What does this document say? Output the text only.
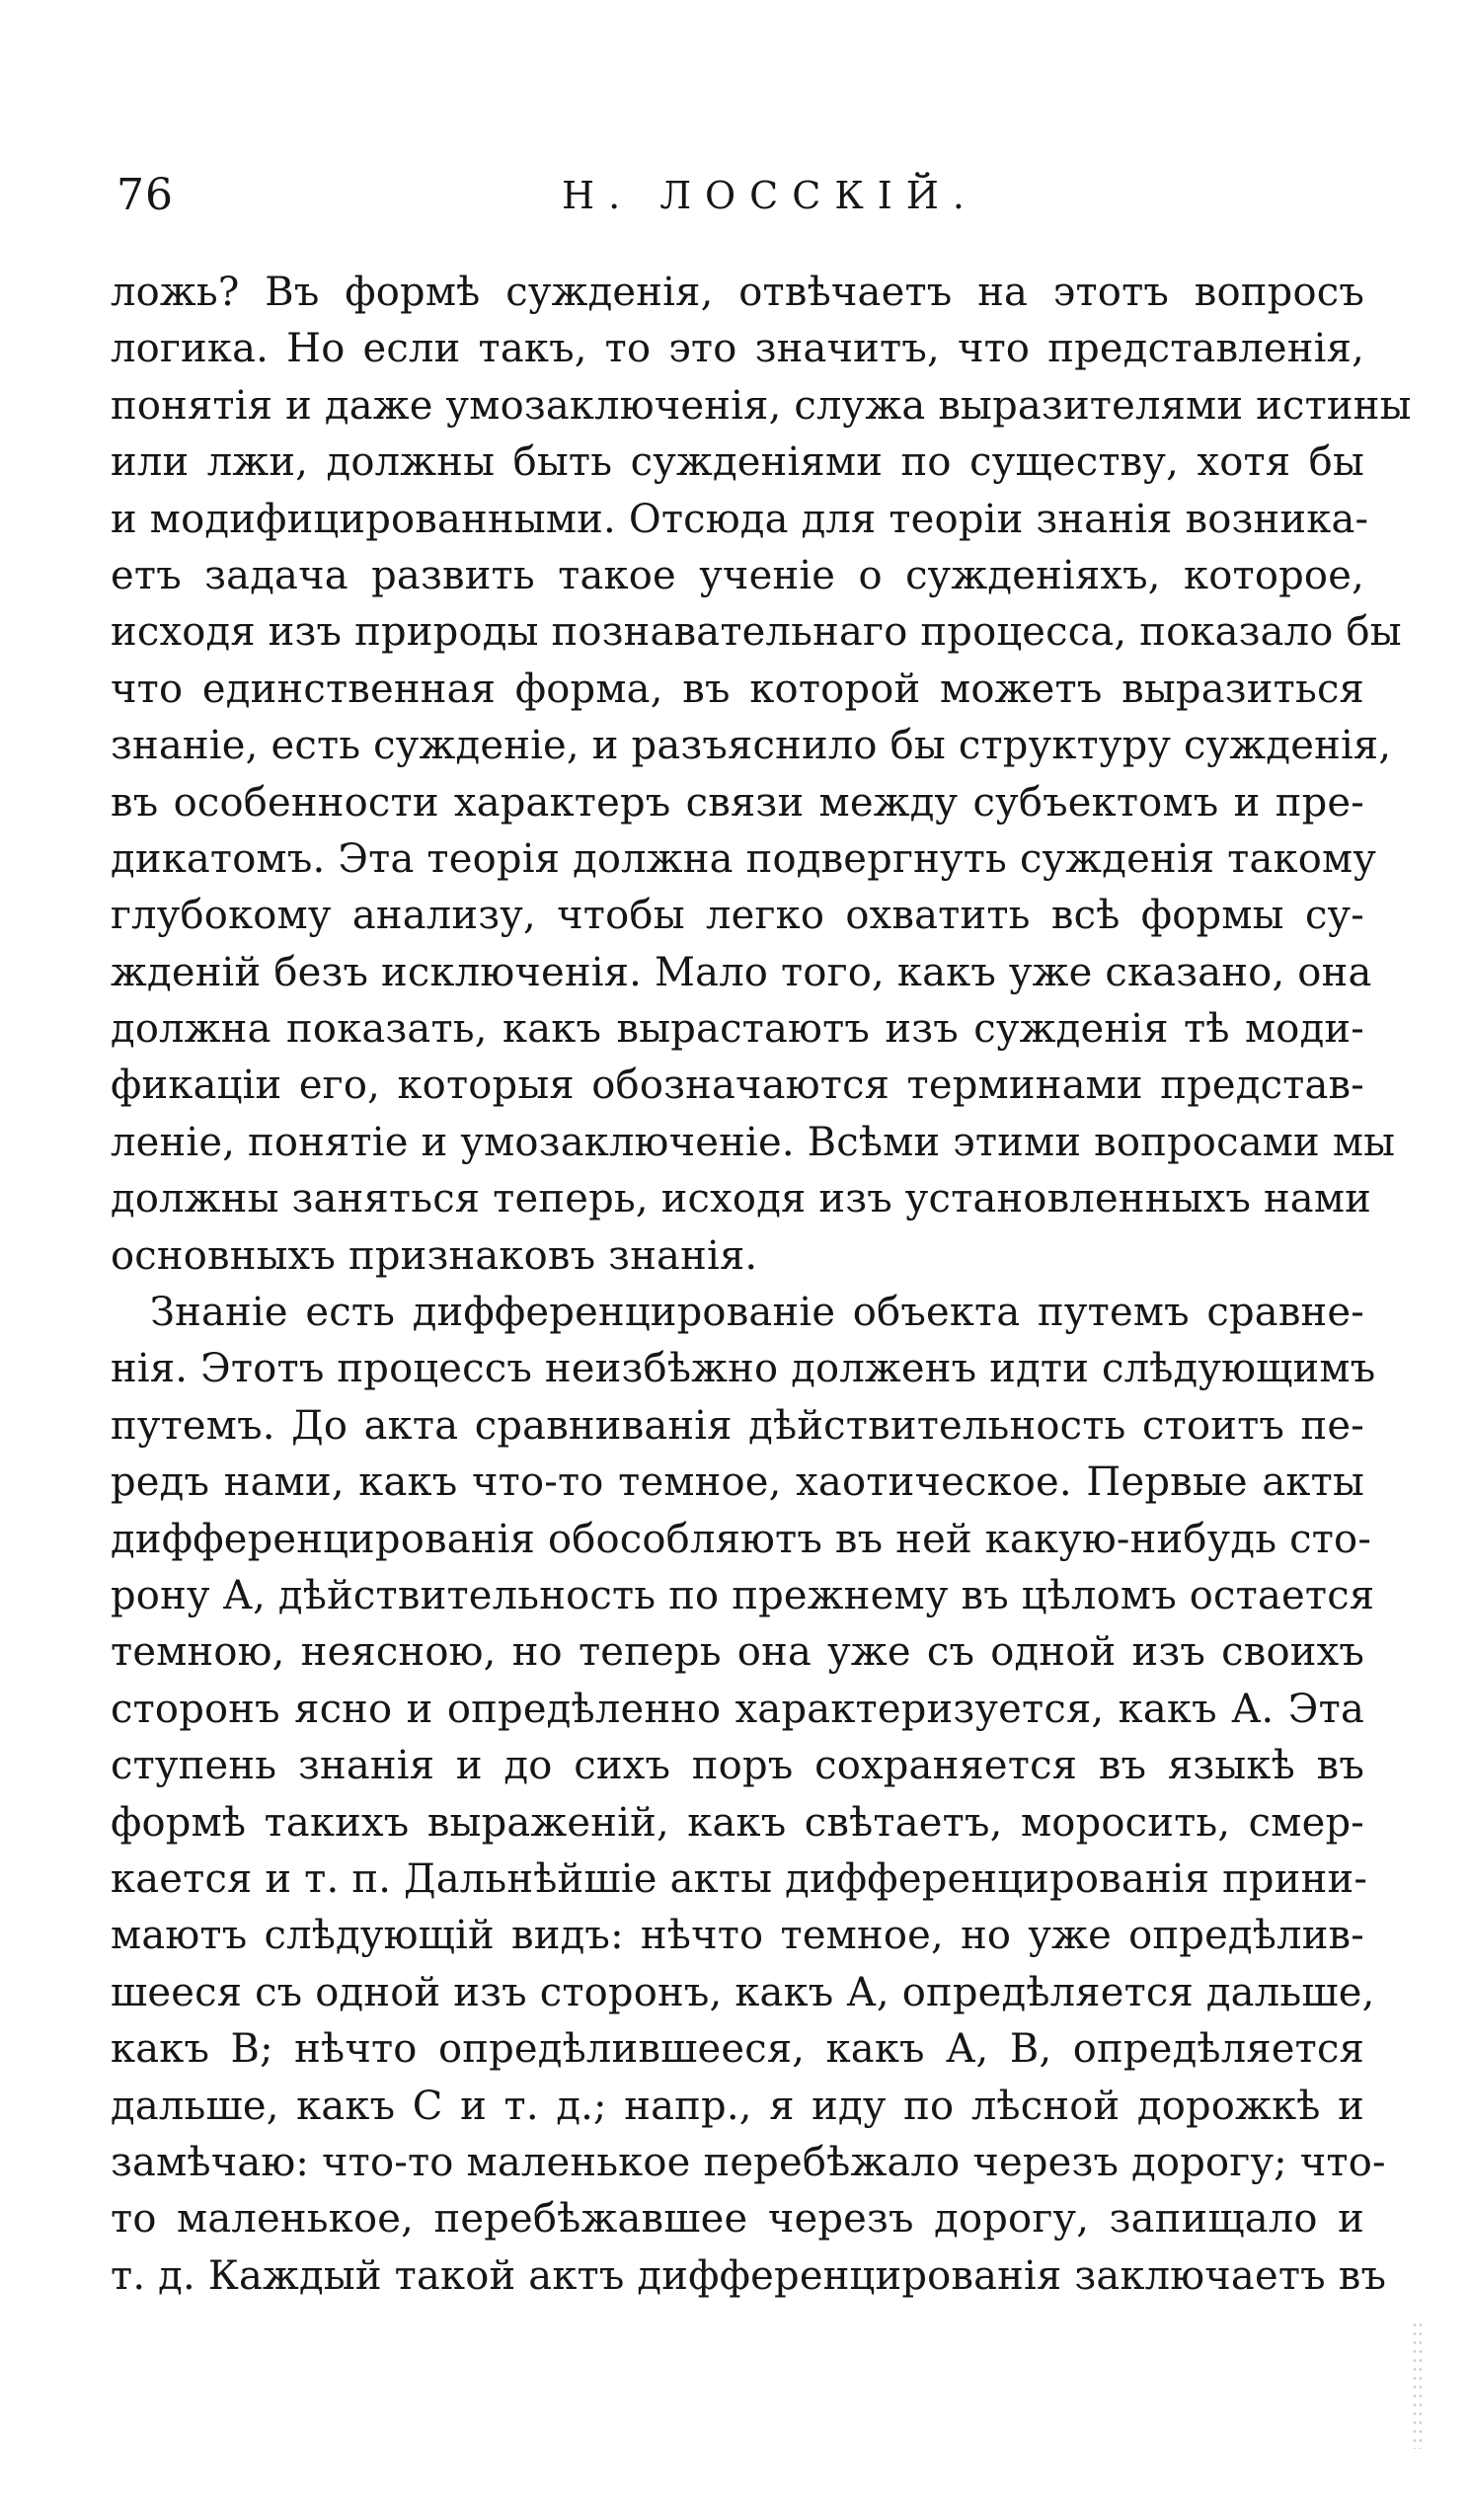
76	Н. ЛОССКІЙ.
ложь? Въ формѣ сужденія, отвѣчаетъ на этотъ вопросъ
логика. Но если такъ, то это значитъ, что представленія,
понятія и даже умозаключенія, служа выразителями истины
или лжи, должны быть сужденіями по существу, хотя бы
и модифицированными. Отсюда для теоріи знанія возника-
етъ задача развить такое ученіе о сужденіяхъ, которое,
исходя изъ природы познавательнаго процесса, показало бы
что единственная форма, въ которой можетъ выразиться
знаніе, есть сужденіе, и разъяснило бы структуру сужденія,
въ особенности характеръ связи между субъектомъ и пре-
дикатомъ. Эта теорія должна подвергнуть сужденія такому
глубокому анализу, чтобы легко охватить всѣ формы су-
жденій безъ исключенія. Мало того, какъ уже сказано, она
должна показать, какъ вырастаютъ изъ сужденія тѣ моди-
фикаціи его, которыя обозначаются терминами представ-
леніе, понятіе и умозаключеніе. Всѣми этими вопросами мы
должны заняться теперь, исходя изъ установленныхъ нами
основныхъ признаковъ знанія.
Знаніе есть дифференцированіе объекта путемъ сравне-
нія. Этотъ процессъ неизбѣжно долженъ идти слѣдующимъ
путемъ. До акта сравниванія дѣйствительность стоитъ пе-
редъ нами, какъ что-то темное, хаотическое. Первые акты
дифференцированія обособляютъ въ ней какую-нибудь сто-
рону А, дѣйствительность по прежнему въ цѣломъ остается
темною, неясною, но теперь она уже съ одной изъ своихъ
сторонъ ясно и опредѣленно характеризуется, какъ А. Эта
ступень знанія и до сихъ поръ сохраняется въ языкѣ въ
формѣ такихъ выраженій, какъ свѣтаетъ, моросить, смер-
кается и т. п. Дальнѣйшіе акты дифференцированія прини-
маютъ слѣдующій видъ: нѣчто темное, но уже опредѣлив-
шееся съ одной изъ сторонъ, какъ А, опредѣляется дальше,
какъ В; нѣчто опредѣлившееся, какъ А, В, опредѣляется
дальше, какъ С и т. д.; напр., я иду по лѣсной дорожкѣ и
замѣчаю: что-то маленькое перебѣжало черезъ дорогу; что-
то маленькое, перебѣжавшее черезъ дорогу, запищало и
т. д. Каждый такой актъ дифференцированія заключаетъ въ
